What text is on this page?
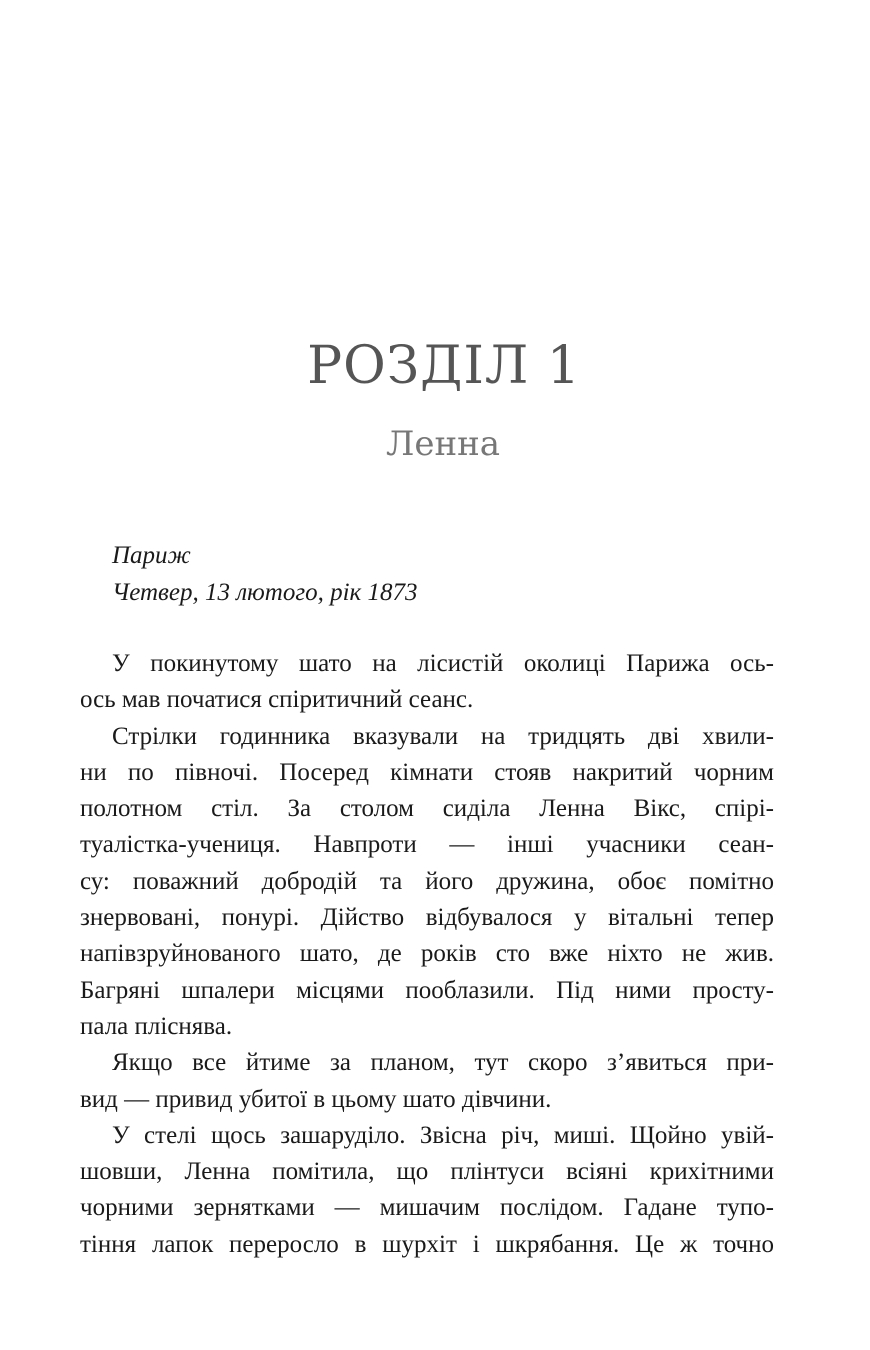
РОЗДІЛ 1
Ленна
Париж
Четвер, 13 лютого, рік 1873
У покинутому шато на лісистій околиці Парижа ось-
ось мав початися спіритичний сеанс.
Стрілки годинника вказували на тридцять дві хвили-
ни по півночі. Посеред кімнати стояв накритий чорним
полотном стіл. За столом сиділа Ленна Вікс, спірі-
туалістка-учениця. Навпроти — інші учасники сеан-
су: поважний добродій та його дружина, обоє помітно
знервовані, понурі. Дійство відбувалося у вітальні тепер
напівзруйнованого шато, де років сто вже ніхто не жив.
Багряні шпалери місцями пооблазили. Під ними просту-
пала пліснява.
Якщо все йтиме за планом, тут скоро з’явиться при-
вид — привид убитої в цьому шато дівчини.
У стелі щось зашаруділо. Звісна річ, миші. Щойно увій-
шовши, Ленна помітила, що плінтуси всіяні крихітними
чорними зернятками — мишачим послідом. Гадане тупо-
тіння лапок переросло в шурхіт і шкрябання. Це ж точно
